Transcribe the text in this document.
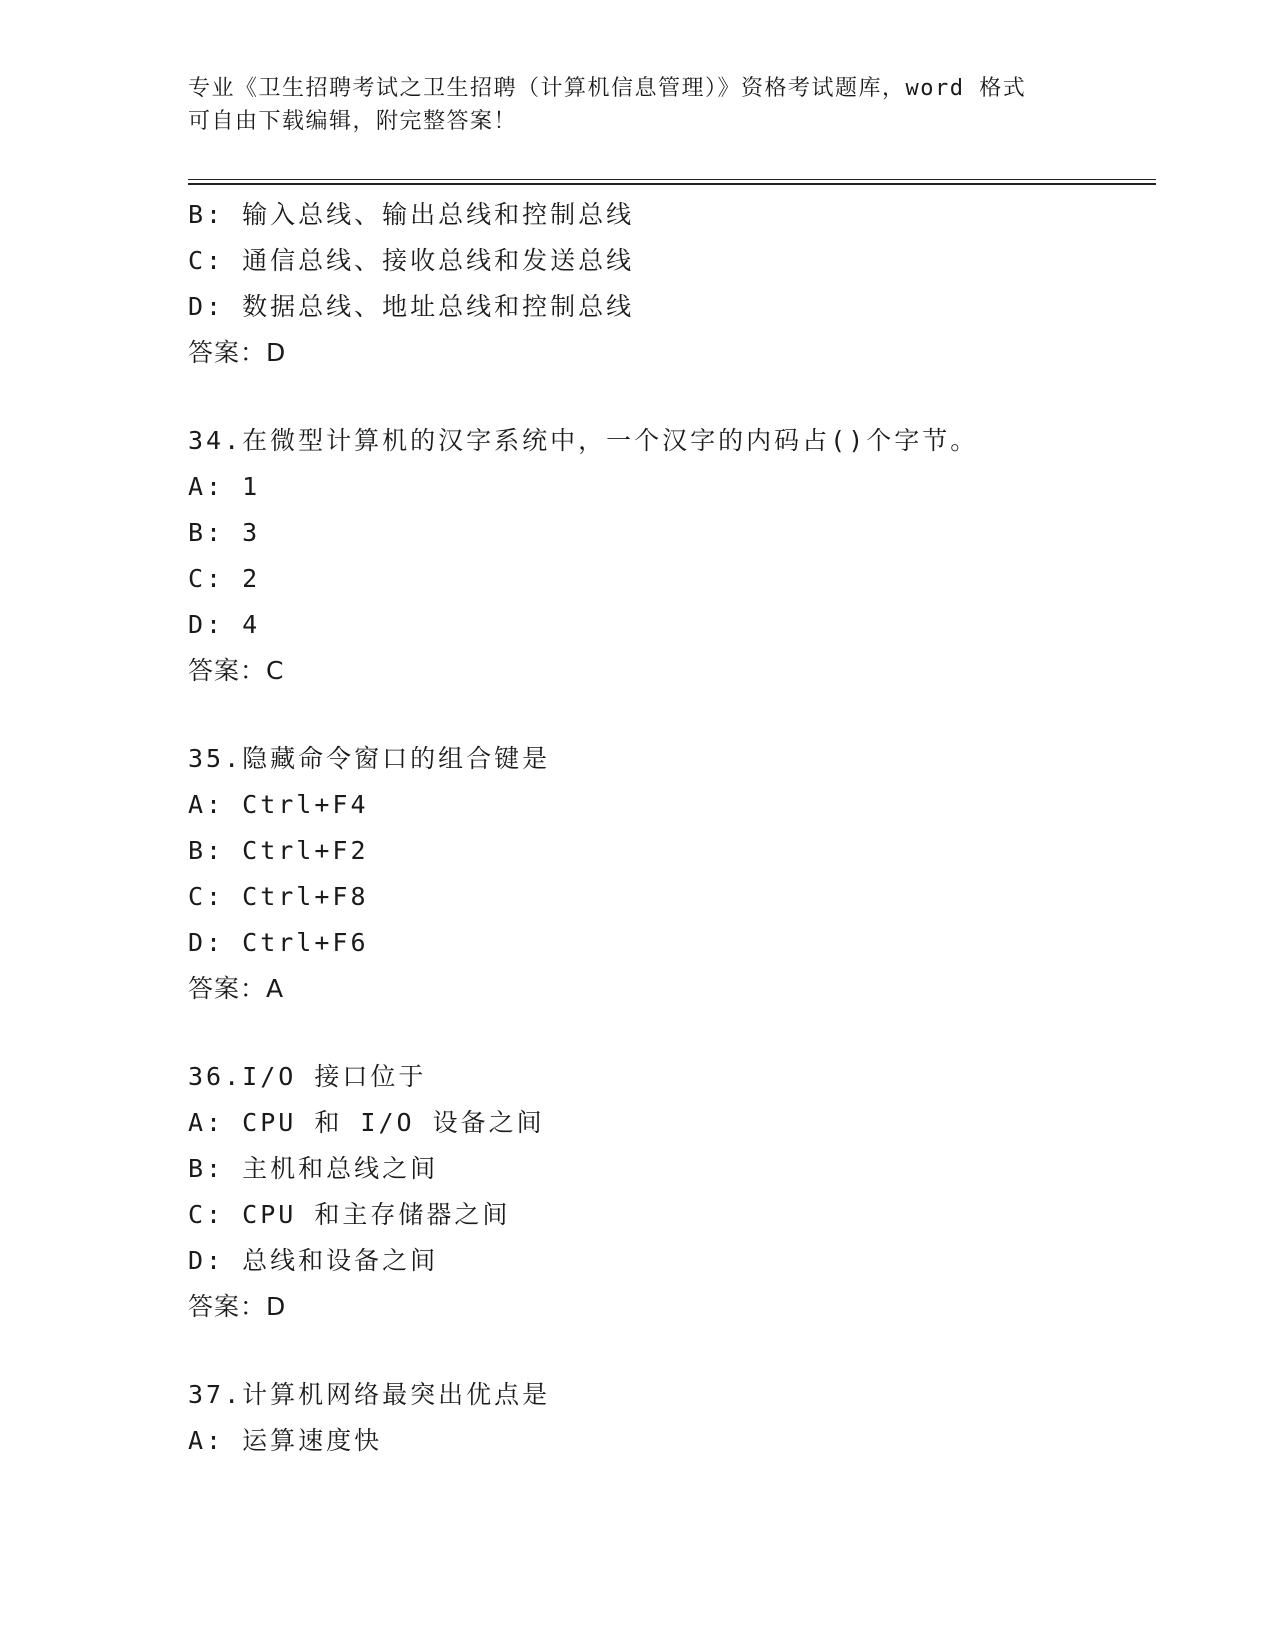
专业《卫生招聘考试之卫生招聘（计算机信息管理）》资格考试题库，word 格式
可自由下载编辑，附完整答案！
B: 输入总线、输出总线和控制总线
C: 通信总线、接收总线和发送总线
D: 数据总线、地址总线和控制总线
答案：D
34.在微型计算机的汉字系统中，一个汉字的内码占()个字节。
A: 1
B: 3
C: 2
D: 4
答案：C
35.隐藏命令窗口的组合键是
A: Ctrl+F4
B: Ctrl+F2
C: Ctrl+F8
D: Ctrl+F6
答案：A
36.I/O 接口位于
A: CPU 和 I/O 设备之间
B: 主机和总线之间
C: CPU 和主存储器之间
D: 总线和设备之间
答案：D
37.计算机网络最突出优点是
A: 运算速度快
